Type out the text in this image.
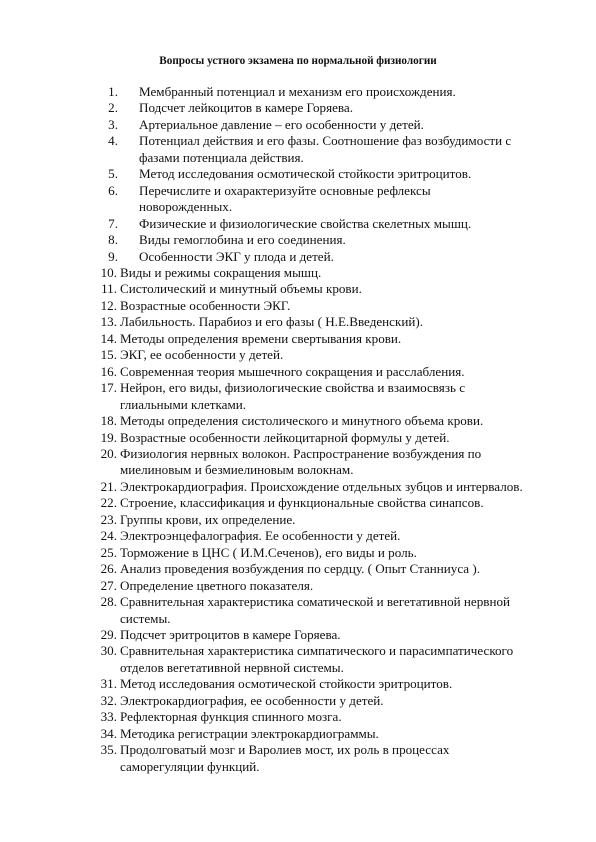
Вопросы устного экзамена по нормальной физиологии
1.	Мембранный потенциал и механизм его происхождения.
2.	Подсчет лейкоцитов в камере Горяева.
3.	Артериальное давление – его особенности у детей.
4.	Потенциал действия и его фазы. Соотношение фаз возбудимости с фазами потенциала действия.
5.	Метод исследования осмотической стойкости эритроцитов.
6.	Перечислите и охарактеризуйте основные рефлексы новорожденных.
7.	Физические и физиологические свойства скелетных мышц.
8.	Виды гемоглобина и его соединения.
9.	Особенности ЭКГ у плода и детей.
10. Виды и режимы сокращения мышц.
11. Систолический и минутный объемы крови.
12. Возрастные особенности ЭКГ.
13. Лабильность. Парабиоз и его фазы ( Н.Е.Введенский).
14. Методы определения времени свертывания крови.
15. ЭКГ, ее особенности у детей.
16. Современная теория мышечного сокращения и расслабления.
17. Нейрон, его виды, физиологические свойства и взаимосвязь с глиальными клетками.
18. Методы определения систолического и минутного объема крови.
19. Возрастные особенности лейкоцитарной формулы у детей.
20. Физиология нервных волокон. Распространение возбуждения по миелиновым и безмиелиновым волокнам.
21. Электрокардиография. Происхождение отдельных зубцов и интервалов.
22. Строение, классификация и функциональные свойства синапсов.
23. Группы крови, их определение.
24. Электроэнцефалография. Ее особенности у детей.
25. Торможение в ЦНС ( И.М.Сеченов), его виды и роль.
26. Анализ проведения возбуждения по сердцу. ( Опыт Станниуса ).
27. Определение цветного показателя.
28. Сравнительная характеристика соматической и вегетативной нервной системы.
29. Подсчет эритроцитов в камере Горяева.
30. Сравнительная характеристика симпатического и парасимпатического отделов вегетативной нервной системы.
31. Метод исследования осмотической стойкости эритроцитов.
32. Электрокардиография, ее особенности у детей.
33. Рефлекторная функция спинного мозга.
34. Методика регистрации электрокардиограммы.
35. Продолговатый мозг и Варолиев мост, их роль в процессах саморегуляции функций.
